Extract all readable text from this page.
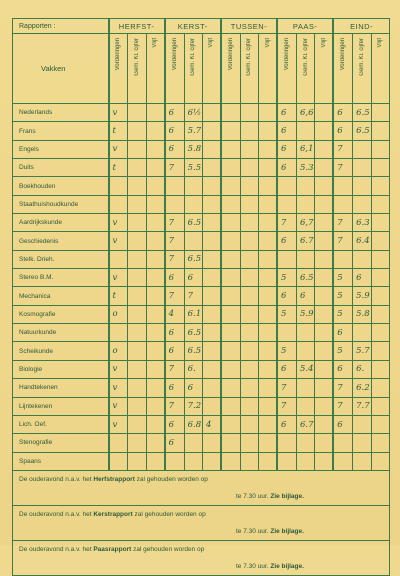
Rapporten :	HERFST-			KERST-			TUSSEN-			PAAS-			EIND-		
Vakken	Vorderingen	Gem. Kl. cijfer	Vlijt	Vorderingen	Gem. Kl. cijfer	Vlijt	Vorderingen	Gem. Kl. cijfer	Vlijt	Vorderingen	Gem. Kl. cijfer	Vlijt	Vorderingen	Gem. Kl. cijfer	Vlijt
Nederlands	v			6	6½					6	6,6		6	6.5	
Frans	t			6	5.7					6			6	6.5	
Engels	v			6	5.8					6	6,1		7		
Duits	t			7	5.5					6	5.3		7		
Boekhouden															
Staathuishoudkunde															
Aardrijkskunde	v			7	6.5					7	6,7		7	6.3	
Geschiedenis	v			7						6	6.7		7	6.4	
Stelk. Drieh.				7	6.5										
Stereo B.M.	v			6	6					5	6.5		5	6	
Mechanica	t			7	7					6	6		5	5.9	
Kosmografie	o			4	6.1					5	5.9		5	5.8	
Natuurkunde				6	6.5								6		
Scheikunde	o			6	6.5					5			5	5.7	
Biologie	v			7	6.					6	5.4		6	6.	
Handtekenen	v			6	6					7			7	6.2	
Lijntekenen	v			7	7.2					7			7	7.7	
Lich. Oef.	v			6	6.8	4				6	6.7		6		
Stenografie				6											
Spaans															
De ouderavond n.a.v. het Herfstrapport zal gehouden worden op															
te 7.30 uur. Zie bijlage.															
De ouderavond n.a.v. het Kerstrapport zal gehouden worden op															
te 7.30 uur. Zie bijlage.															
De ouderavond n.a.v. het Paasrapport zal gehouden worden op															
te 7.30 uur. Zie bijlage.															
